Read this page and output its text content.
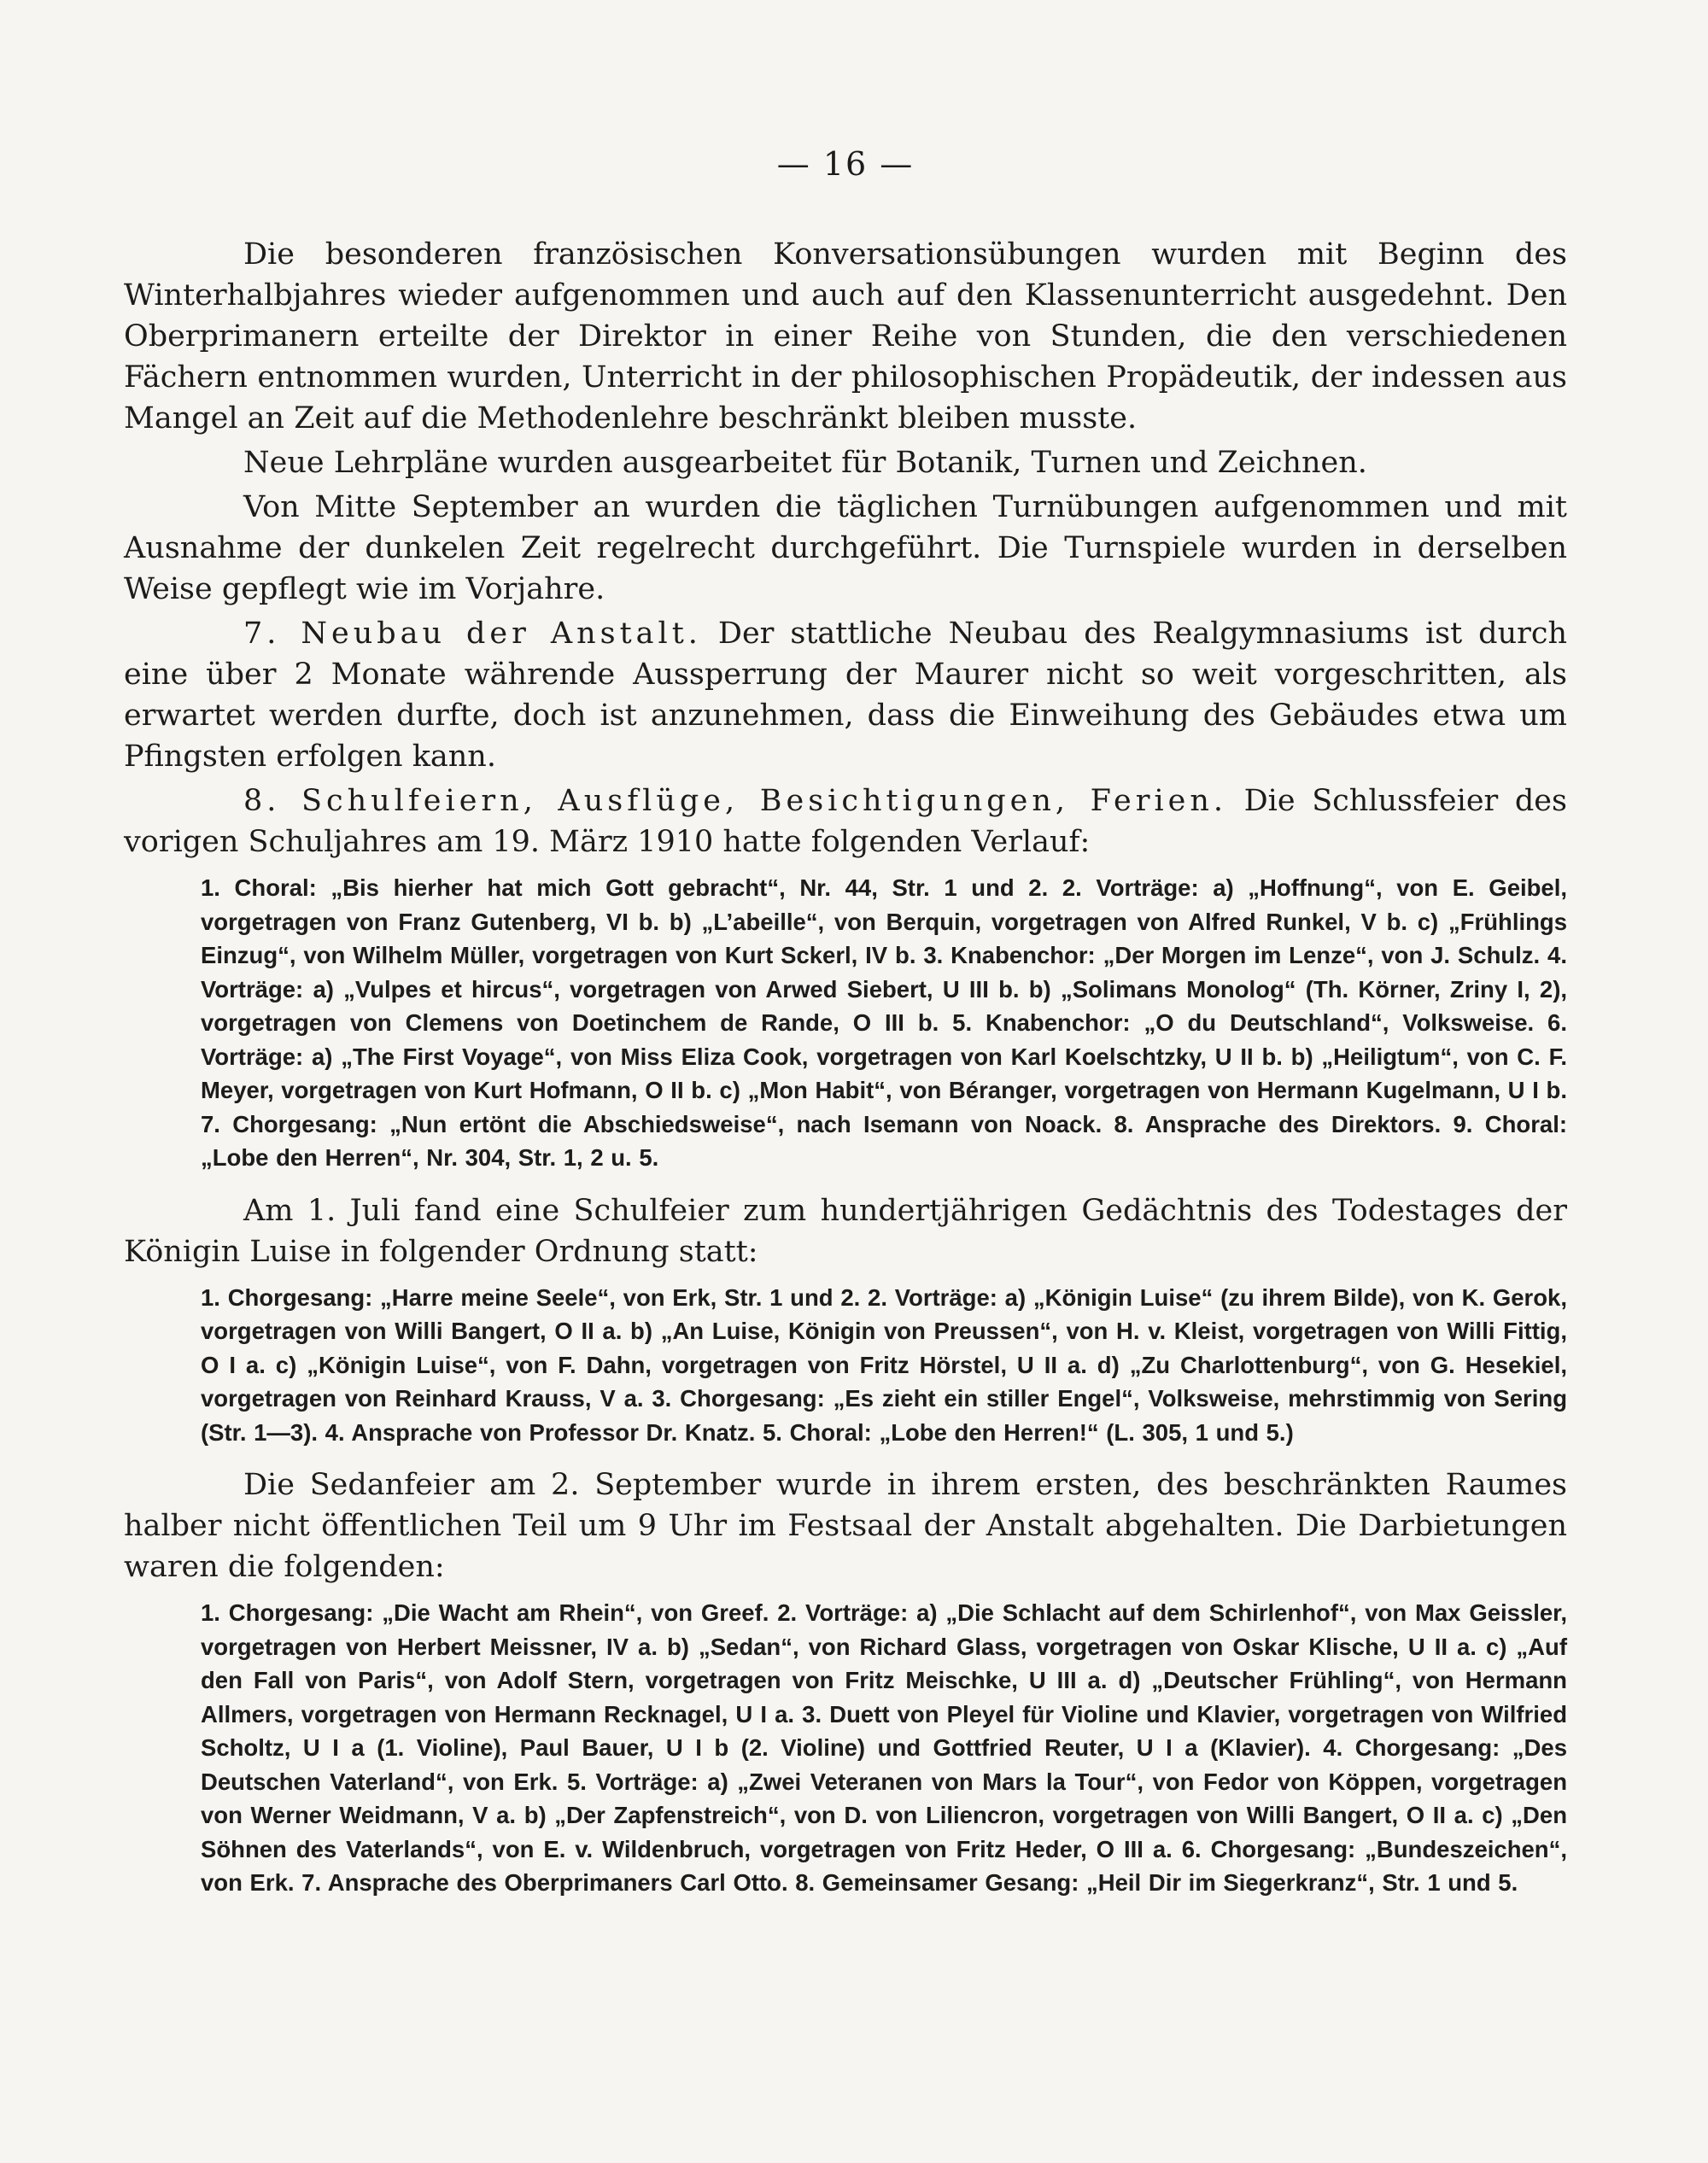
— 16 —

Die besonderen französischen Konversationsübungen wurden mit Beginn des Winterhalbjahres wieder aufgenommen und auch auf den Klassenunterricht ausgedehnt. Den Oberprimanern erteilte der Direktor in einer Reihe von Stunden, die den verschiedenen Fächern entnommen wurden, Unterricht in der philosophischen Propädeutik, der indessen aus Mangel an Zeit auf die Methodenlehre beschränkt bleiben musste.

Neue Lehrpläne wurden ausgearbeitet für Botanik, Turnen und Zeichnen.

Von Mitte September an wurden die täglichen Turnübungen aufgenommen und mit Ausnahme der dunkelen Zeit regelrecht durchgeführt. Die Turnspiele wurden in derselben Weise gepflegt wie im Vorjahre.

7. Neubau der Anstalt. Der stattliche Neubau des Realgymnasiums ist durch eine über 2 Monate währende Aussperrung der Maurer nicht so weit vorgeschritten, als erwartet werden durfte, doch ist anzunehmen, dass die Einweihung des Gebäudes etwa um Pfingsten erfolgen kann.

8. Schulfeiern, Ausflüge, Besichtigungen, Ferien. Die Schlussfeier des vorigen Schuljahres am 19. März 1910 hatte folgenden Verlauf:

1. Choral: „Bis hierher hat mich Gott gebracht“, Nr. 44, Str. 1 und 2. 2. Vorträge: a) „Hoffnung“, von E. Geibel, vorgetragen von Franz Gutenberg, VI b. b) „L’abeille“, von Berquin, vorgetragen von Alfred Runkel, V b. c) „Frühlings Einzug“, von Wilhelm Müller, vorgetragen von Kurt Sckerl, IV b. 3. Knabenchor: „Der Morgen im Lenze“, von J. Schulz. 4. Vorträge: a) „Vulpes et hircus“, vorgetragen von Arwed Siebert, U III b. b) „Solimans Monolog“ (Th. Körner, Zriny I, 2), vorgetragen von Clemens von Doetinchem de Rande, O III b. 5. Knabenchor: „O du Deutschland“, Volksweise. 6. Vorträge: a) „The First Voyage“, von Miss Eliza Cook, vorgetragen von Karl Koelschtzky, U II b. b) „Heiligtum“, von C. F. Meyer, vorgetragen von Kurt Hofmann, O II b. c) „Mon Habit“, von Béranger, vorgetragen von Hermann Kugelmann, U I b. 7. Chorgesang: „Nun ertönt die Abschiedsweise“, nach Isemann von Noack. 8. Ansprache des Direktors. 9. Choral: „Lobe den Herren“, Nr. 304, Str. 1, 2 u. 5.

Am 1. Juli fand eine Schulfeier zum hundertjährigen Gedächtnis des Todestages der Königin Luise in folgender Ordnung statt:

1. Chorgesang: „Harre meine Seele“, von Erk, Str. 1 und 2. 2. Vorträge: a) „Königin Luise“ (zu ihrem Bilde), von K. Gerok, vorgetragen von Willi Bangert, O II a. b) „An Luise, Königin von Preussen“, von H. v. Kleist, vorgetragen von Willi Fittig, O I a. c) „Königin Luise“, von F. Dahn, vorgetragen von Fritz Hörstel, U II a. d) „Zu Charlottenburg“, von G. Hesekiel, vorgetragen von Reinhard Krauss, V a. 3. Chorgesang: „Es zieht ein stiller Engel“, Volksweise, mehrstimmig von Sering (Str. 1—3). 4. Ansprache von Professor Dr. Knatz. 5. Choral: „Lobe den Herren!“ (L. 305, 1 und 5.)

Die Sedanfeier am 2. September wurde in ihrem ersten, des beschränkten Raumes halber nicht öffentlichen Teil um 9 Uhr im Festsaal der Anstalt abgehalten. Die Darbietungen waren die folgenden:

1. Chorgesang: „Die Wacht am Rhein“, von Greef. 2. Vorträge: a) „Die Schlacht auf dem Schirlenhof“, von Max Geissler, vorgetragen von Herbert Meissner, IV a. b) „Sedan“, von Richard Glass, vorgetragen von Oskar Klische, U II a. c) „Auf den Fall von Paris“, von Adolf Stern, vorgetragen von Fritz Meischke, U III a. d) „Deutscher Frühling“, von Hermann Allmers, vorgetragen von Hermann Recknagel, U I a. 3. Duett von Pleyel für Violine und Klavier, vorgetragen von Wilfried Scholtz, U I a (1. Violine), Paul Bauer, U I b (2. Violine) und Gottfried Reuter, U I a (Klavier). 4. Chorgesang: „Des Deutschen Vaterland“, von Erk. 5. Vorträge: a) „Zwei Veteranen von Mars la Tour“, von Fedor von Köppen, vorgetragen von Werner Weidmann, V a. b) „Der Zapfenstreich“, von D. von Liliencron, vorgetragen von Willi Bangert, O II a. c) „Den Söhnen des Vaterlands“, von E. v. Wildenbruch, vorgetragen von Fritz Heder, O III a. 6. Chorgesang: „Bundeszeichen“, von Erk. 7. Ansprache des Oberprimaners Carl Otto. 8. Gemeinsamer Gesang: „Heil Dir im Siegerkranz“, Str. 1 und 5.
